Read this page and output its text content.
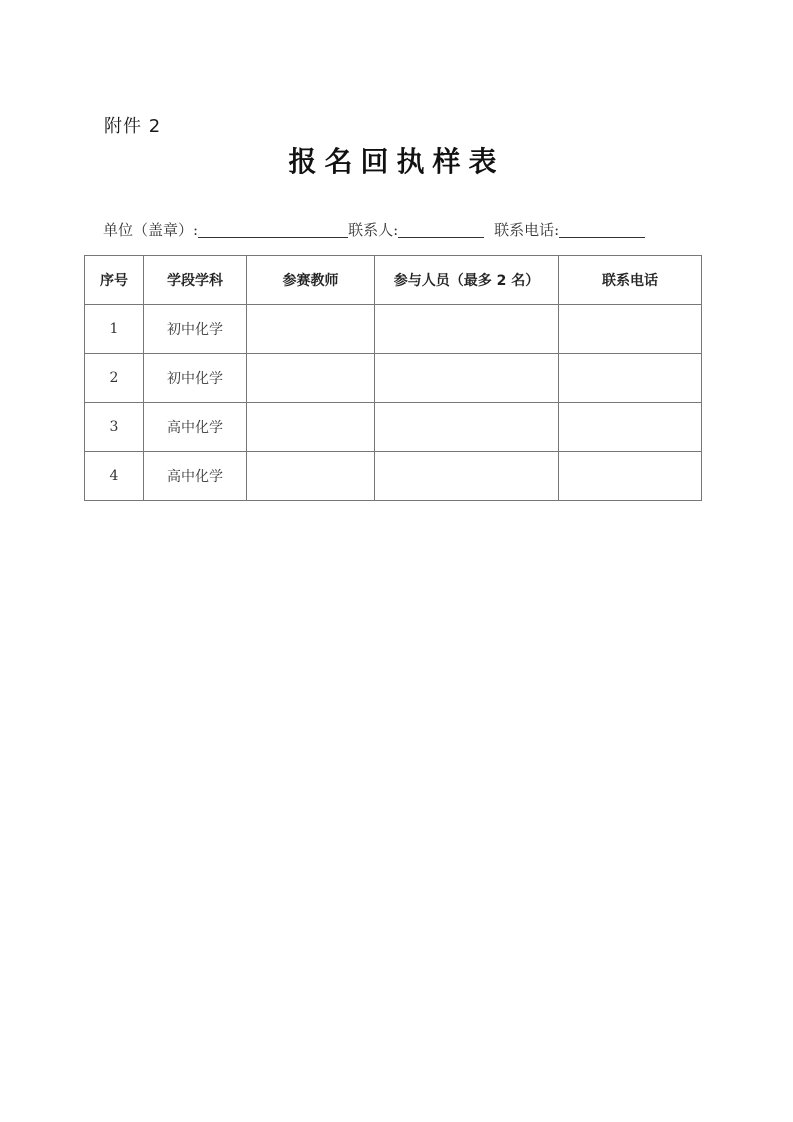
附件 2
报名回执样表
单位（盖章）:	联系人:	联系电话:
序号	学段学科	参赛教师	参与人员（最多 2 名）	联系电话
1	初中化学			
2	初中化学			
3	高中化学			
4	高中化学			
